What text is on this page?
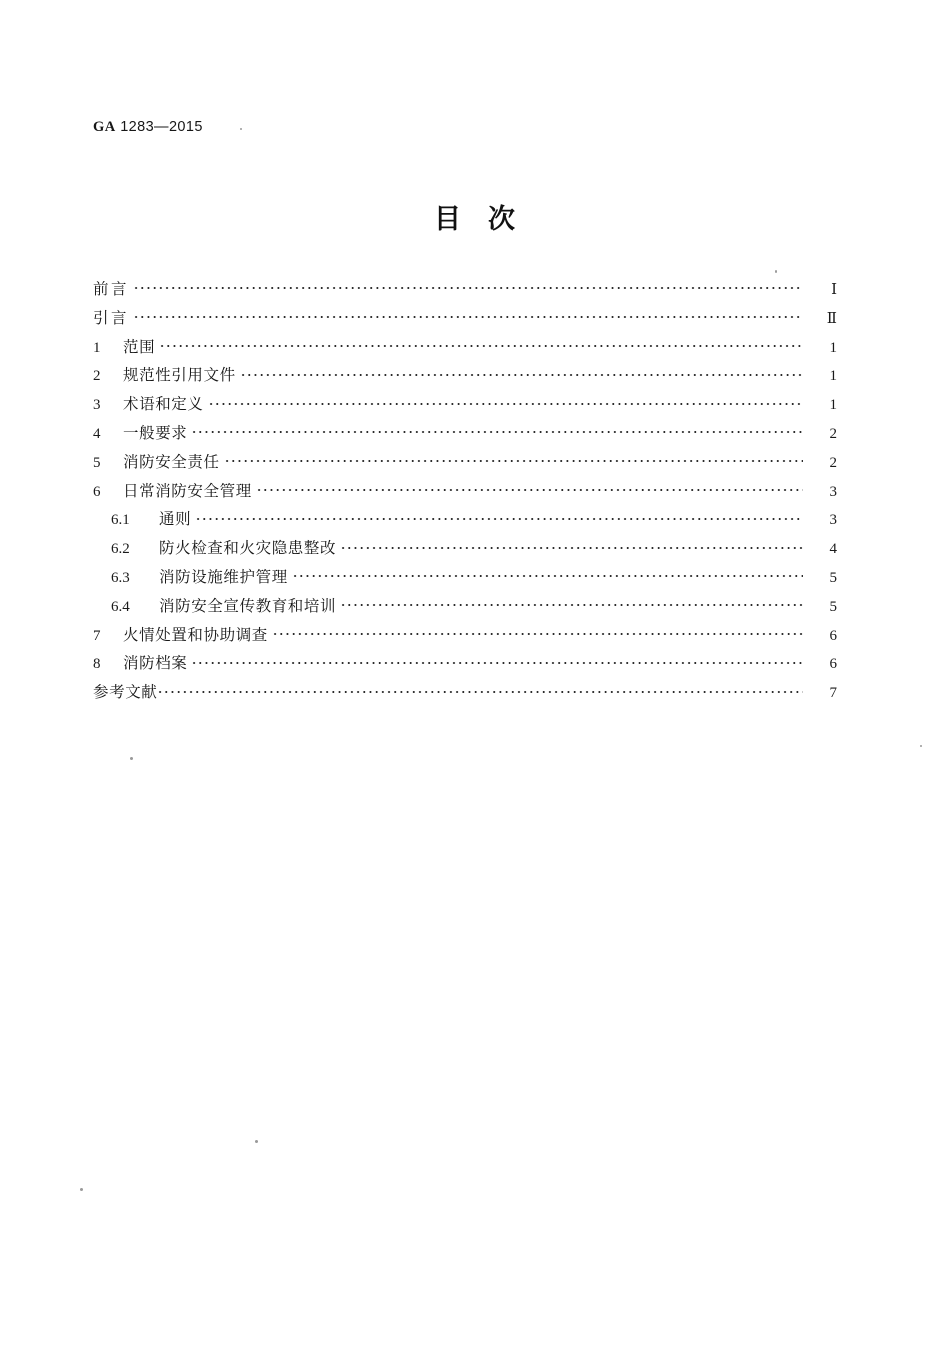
GA 1283—2015
目 次
前言	Ⅰ
引言	Ⅱ
1	范围	1
2	规范性引用文件	1
3	术语和定义	1
4	一般要求	2
5	消防安全责任	2
6	日常消防安全管理	3
6.1	通则	3
6.2	防火检查和火灾隐患整改	4
6.3	消防设施维护管理	5
6.4	消防安全宣传教育和培训	5
7	火情处置和协助调查	6
8	消防档案	6
参考文献	7
